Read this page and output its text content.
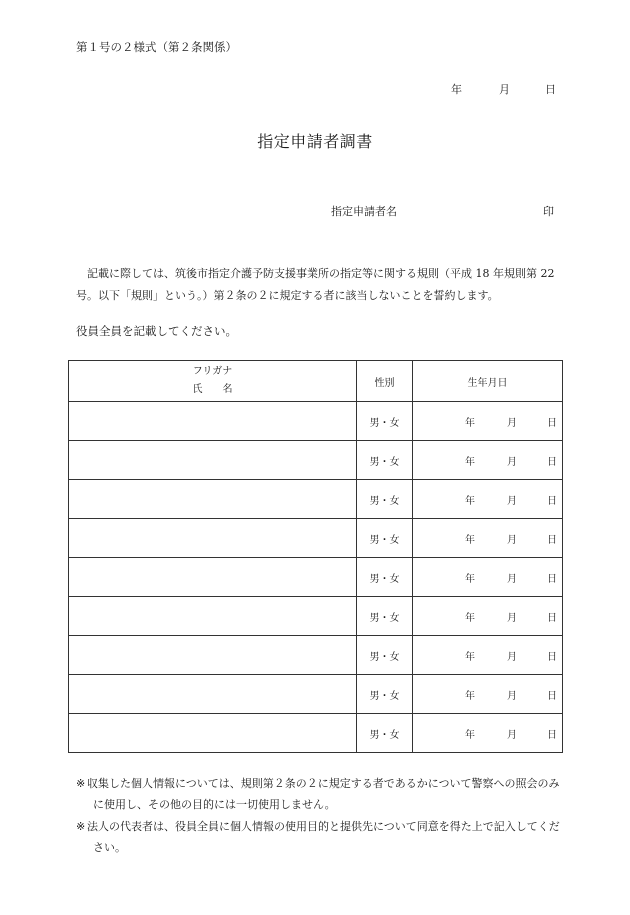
第１号の２様式（第２条関係）
年	月	日
指定申請者調書
指定申請者名	印
記載に際しては、筑後市指定介護予防支援事業所の指定等に関する規則（平成 18 年規則第 22 号。以下「規則」という。）第２条の２に規定する者に該当しないことを誓約します。
役員全員を記載してください。
フリガナ
氏名	性別	生年月日
	男・女	年 月 日

	男・女	年 月 日

	男・女	年 月 日

	男・女	年 月 日

	男・女	年 月 日

	男・女	年 月 日

	男・女	年 月 日

	男・女	年 月 日

	男・女	年 月 日
※ 収集した個人情報については、規則第２条の２に規定する者であるかについて警察への照会のみに使用し、その他の目的には一切使用しません。
※ 法人の代表者は、役員全員に個人情報の使用目的と提供先について同意を得た上で記入してください。
